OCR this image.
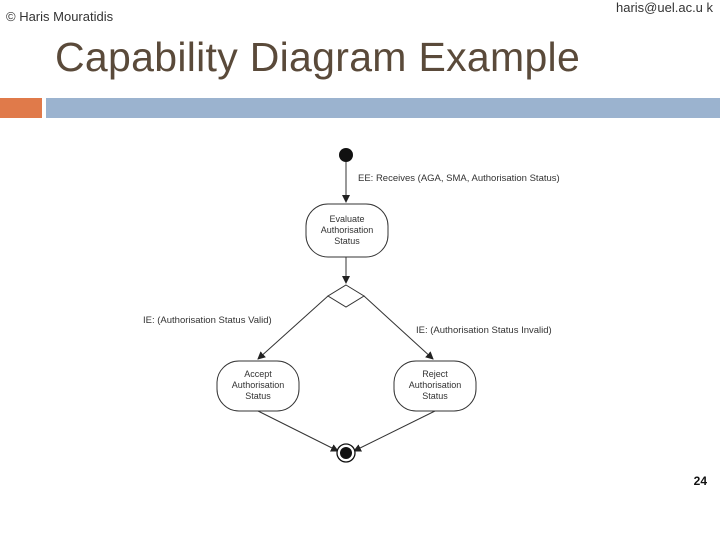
© Haris Mouratidis
haris@uel.ac.u k
Capability Diagram Example
EE: Receives (AGA, SMA, Authorisation Status)
Evaluate
Authorisation
Status
IE: (Authorisation Status Valid)
IE: (Authorisation Status Invalid)
Accept
Authorisation
Status
Reject
Authorisation
Status
24
